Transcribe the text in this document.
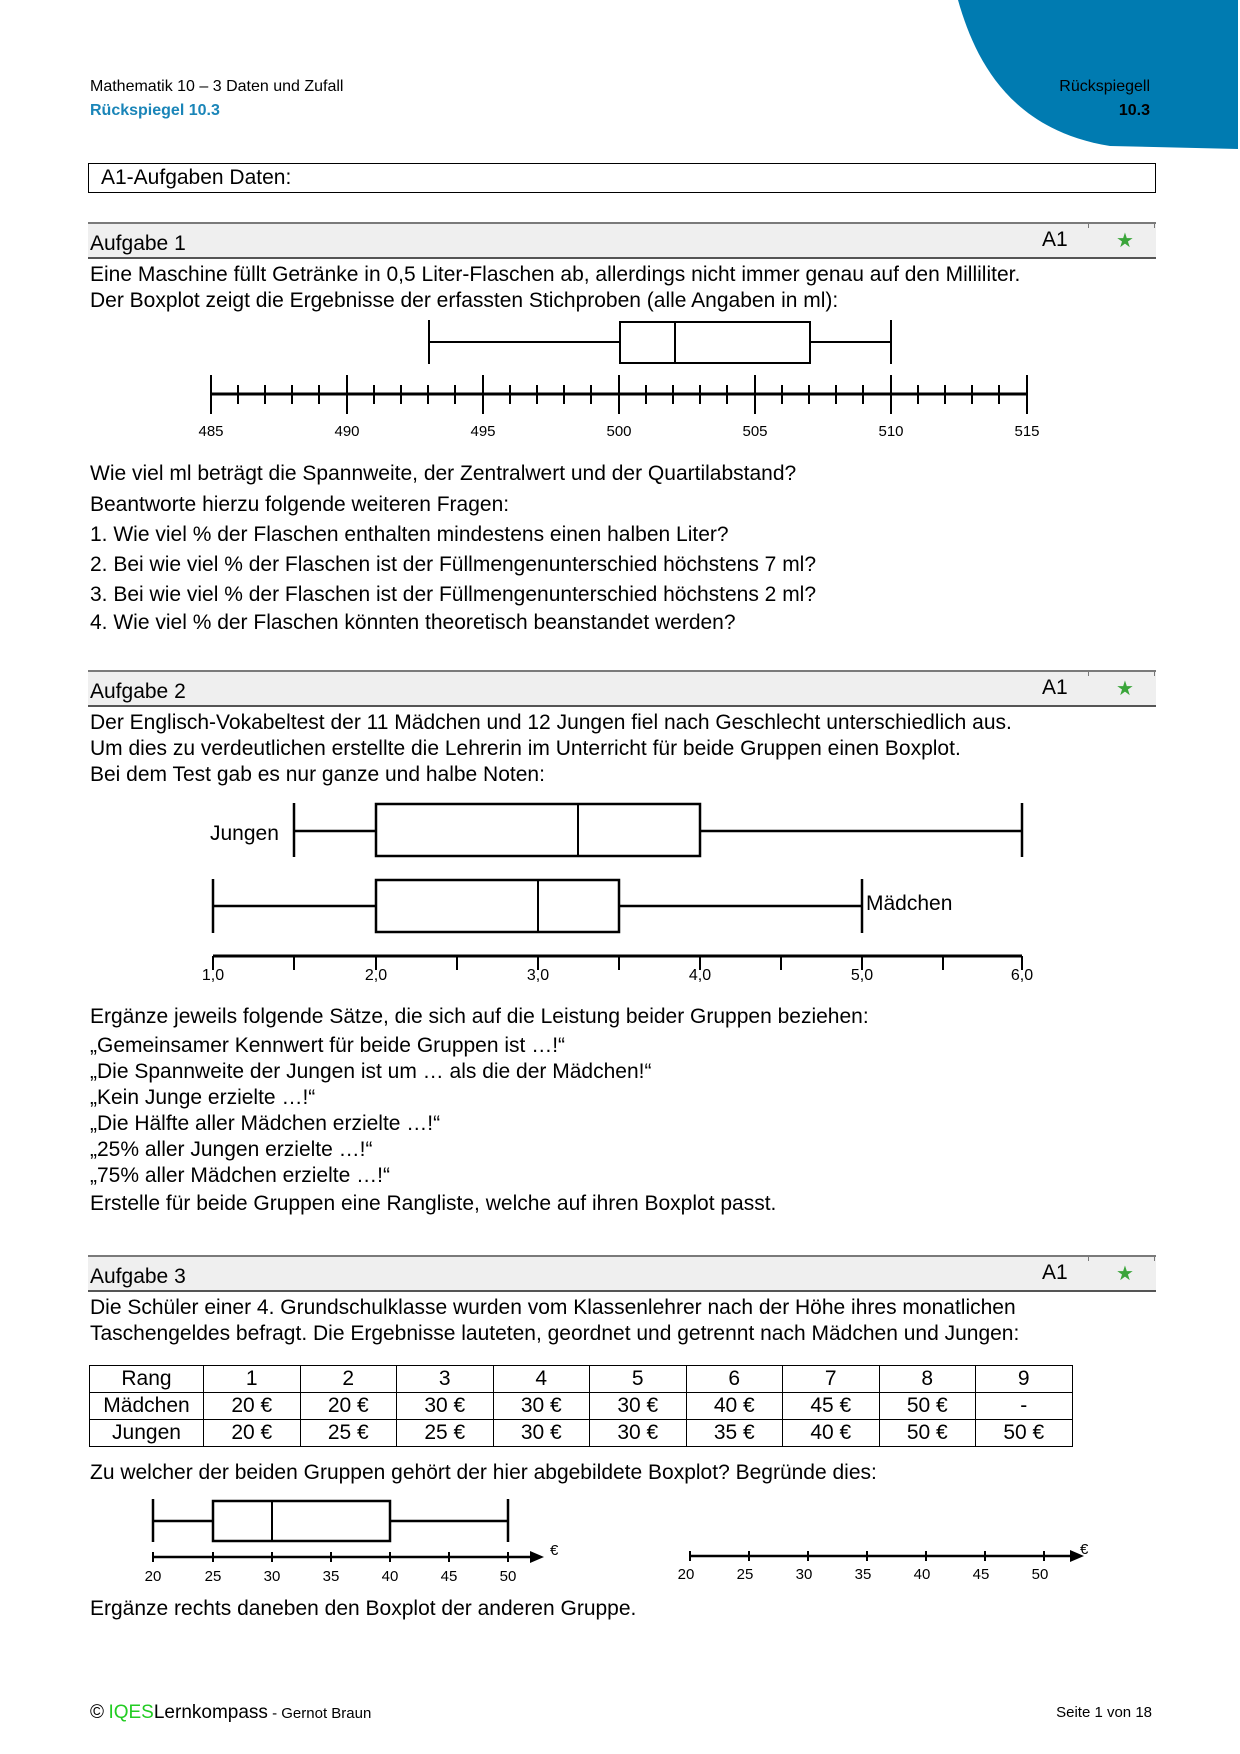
Mathematik 10 – 3 Daten und Zufall
Rückspiegel 10.3
Rückspiegell
10.3
A1-Aufgaben Daten:
Aufgabe 1	A1 ★
Eine Maschine füllt Getränke in 0,5 Liter-Flaschen ab, allerdings nicht immer genau auf den Milliliter.
Der Boxplot zeigt die Ergebnisse der erfassten Stichproben (alle Angaben in ml):
485	490	495	500	505	510	515
Wie viel ml beträgt die Spannweite, der Zentralwert und der Quartilabstand?
Beantworte hierzu folgende weiteren Fragen:
1. Wie viel % der Flaschen enthalten mindestens einen halben Liter?
2. Bei wie viel % der Flaschen ist der Füllmengenunterschied höchstens 7 ml?
3. Bei wie viel % der Flaschen ist der Füllmengenunterschied höchstens 2 ml?
4. Wie viel % der Flaschen könnten theoretisch beanstandet werden?
Aufgabe 2	A1 ★
Der Englisch-Vokabeltest der 11 Mädchen und 12 Jungen fiel nach Geschlecht unterschiedlich aus.
Um dies zu verdeutlichen erstellte die Lehrerin im Unterricht für beide Gruppen einen Boxplot.
Bei dem Test gab es nur ganze und halbe Noten:
1,0	2,0	3,0	4,0	5,0	6,0
Jungen
Mädchen
Ergänze jeweils folgende Sätze, die sich auf die Leistung beider Gruppen beziehen:
„Gemeinsamer Kennwert für beide Gruppen ist …!“
„Die Spannweite der Jungen ist um … als die der Mädchen!“
„Kein Junge erzielte …!“
„Die Hälfte aller Mädchen erzielte …!“
„25% aller Jungen erzielte …!“
„75% aller Mädchen erzielte …!“
Erstelle für beide Gruppen eine Rangliste, welche auf ihren Boxplot passt.
Aufgabe 3	A1 ★
Die Schüler einer 4. Grundschulklasse wurden vom Klassenlehrer nach der Höhe ihres monatlichen
Taschengeldes befragt. Die Ergebnisse lauteten, geordnet und getrennt nach Mädchen und Jungen:
Rang	1	2	3	4	5	6	7	8	9
Mädchen	20 €	20 €	30 €	30 €	30 €	40 €	45 €	50 €	-
Jungen	20 €	25 €	25 €	30 €	30 €	35 €	40 €	50 €	50 €
Zu welcher der beiden Gruppen gehört der hier abgebildete Boxplot? Begründe dies:
20	25	30	35	40	45	50
€
20	25	30	35	40	45	50
€
Ergänze rechts daneben den Boxplot der anderen Gruppe.
© IQESLernkompass - Gernot Braun	Seite 1 von 18
